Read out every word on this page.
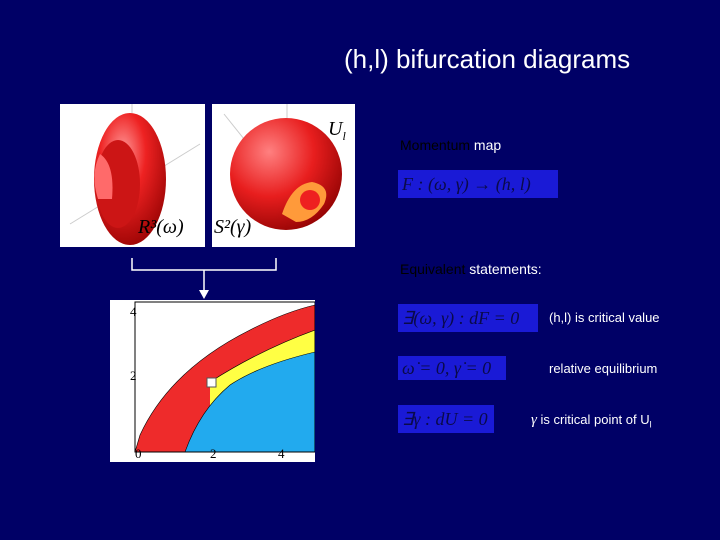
(h,l) bifurcation diagrams
R³(ω) S²(γ)
$U_l$
4
2
0	2	4
Momentum map
F : (ω, γ) → (h, l)
Equivalent statements:
∃(ω, γ) : dF = 0	(h,l) is critical value
ω̇ = 0, γ̇ = 0	relative equilibrium
∃γ : dU = 0	γ is critical point of $U_l$
